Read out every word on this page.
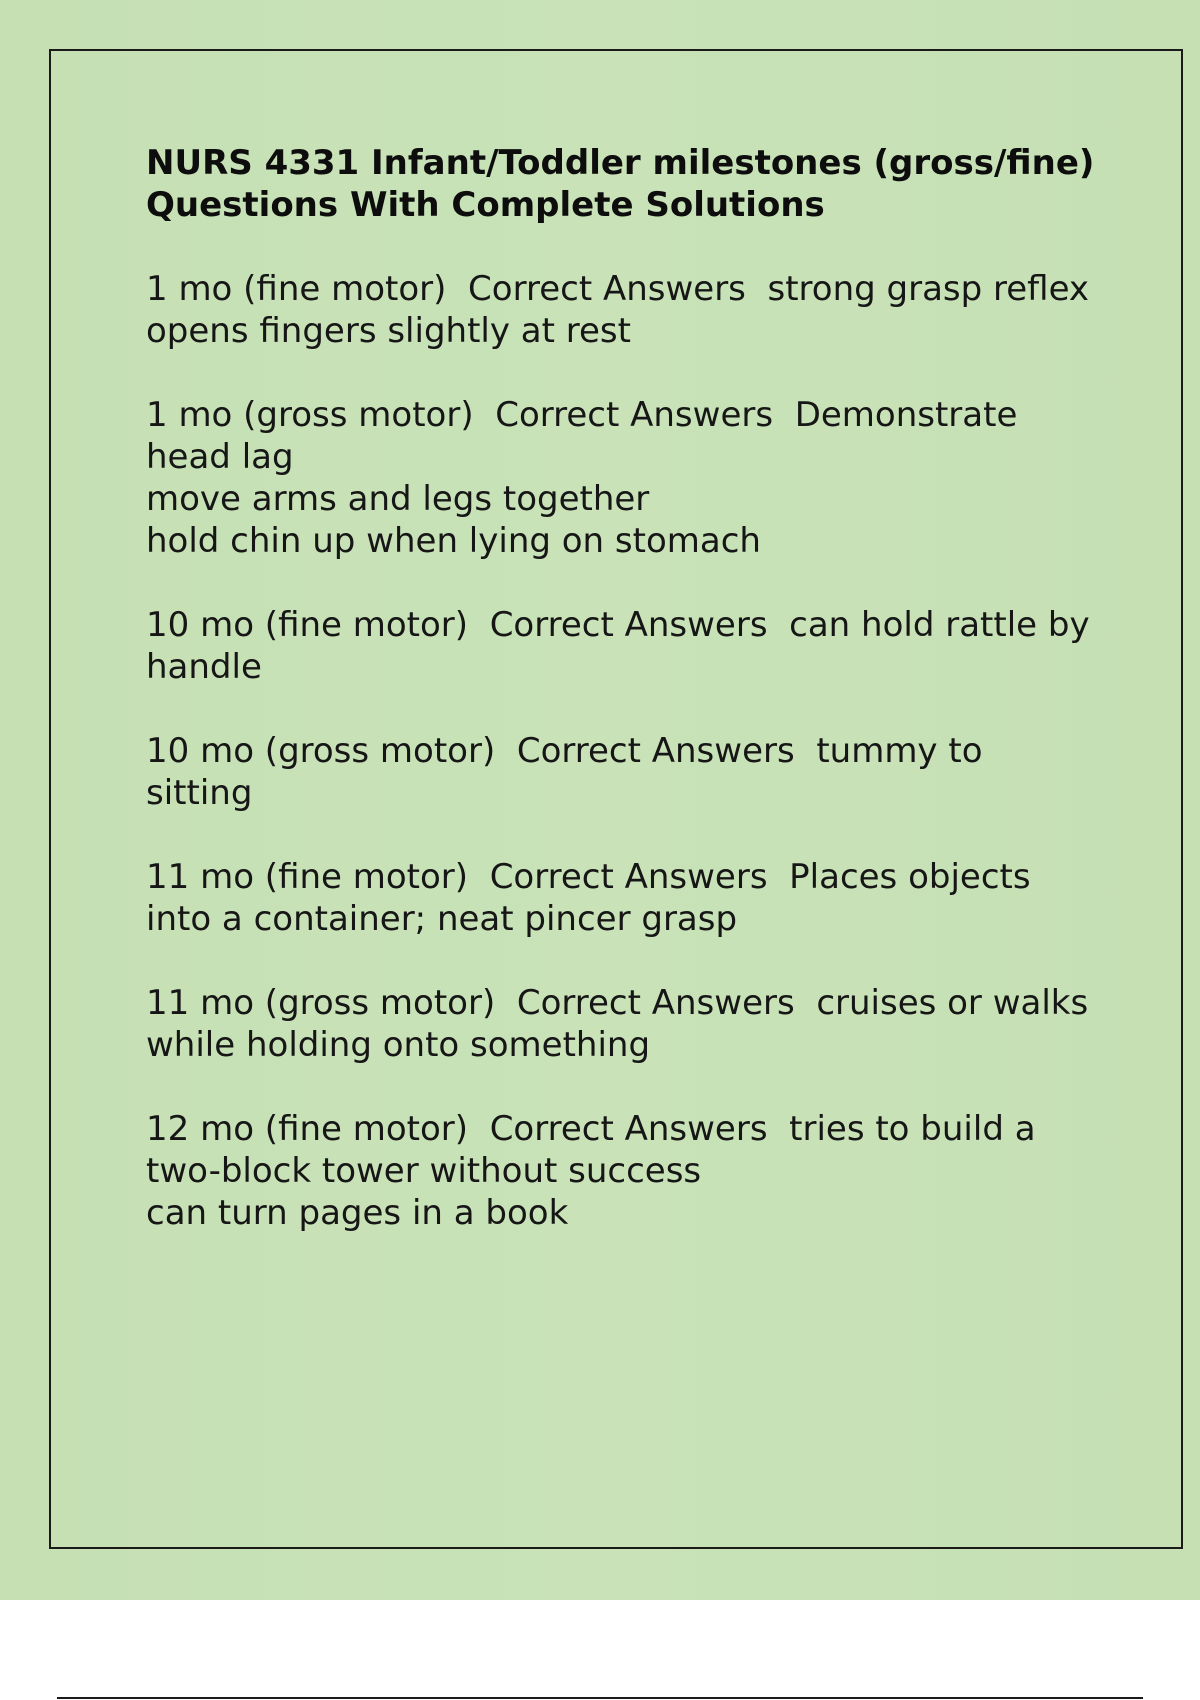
NURS 4331 Infant/Toddler milestones (gross/fine) Questions With Complete Solutions
1 mo (fine motor) Correct Answers strong grasp reflex
opens fingers slightly at rest
1 mo (gross motor) Correct Answers Demonstrate head lag
move arms and legs together
hold chin up when lying on stomach
10 mo (fine motor) Correct Answers can hold rattle by handle
10 mo (gross motor) Correct Answers tummy to sitting
11 mo (fine motor) Correct Answers Places objects into a container; neat pincer grasp
11 mo (gross motor) Correct Answers cruises or walks while holding onto something
12 mo (fine motor) Correct Answers tries to build a two-block tower without success
can turn pages in a book
